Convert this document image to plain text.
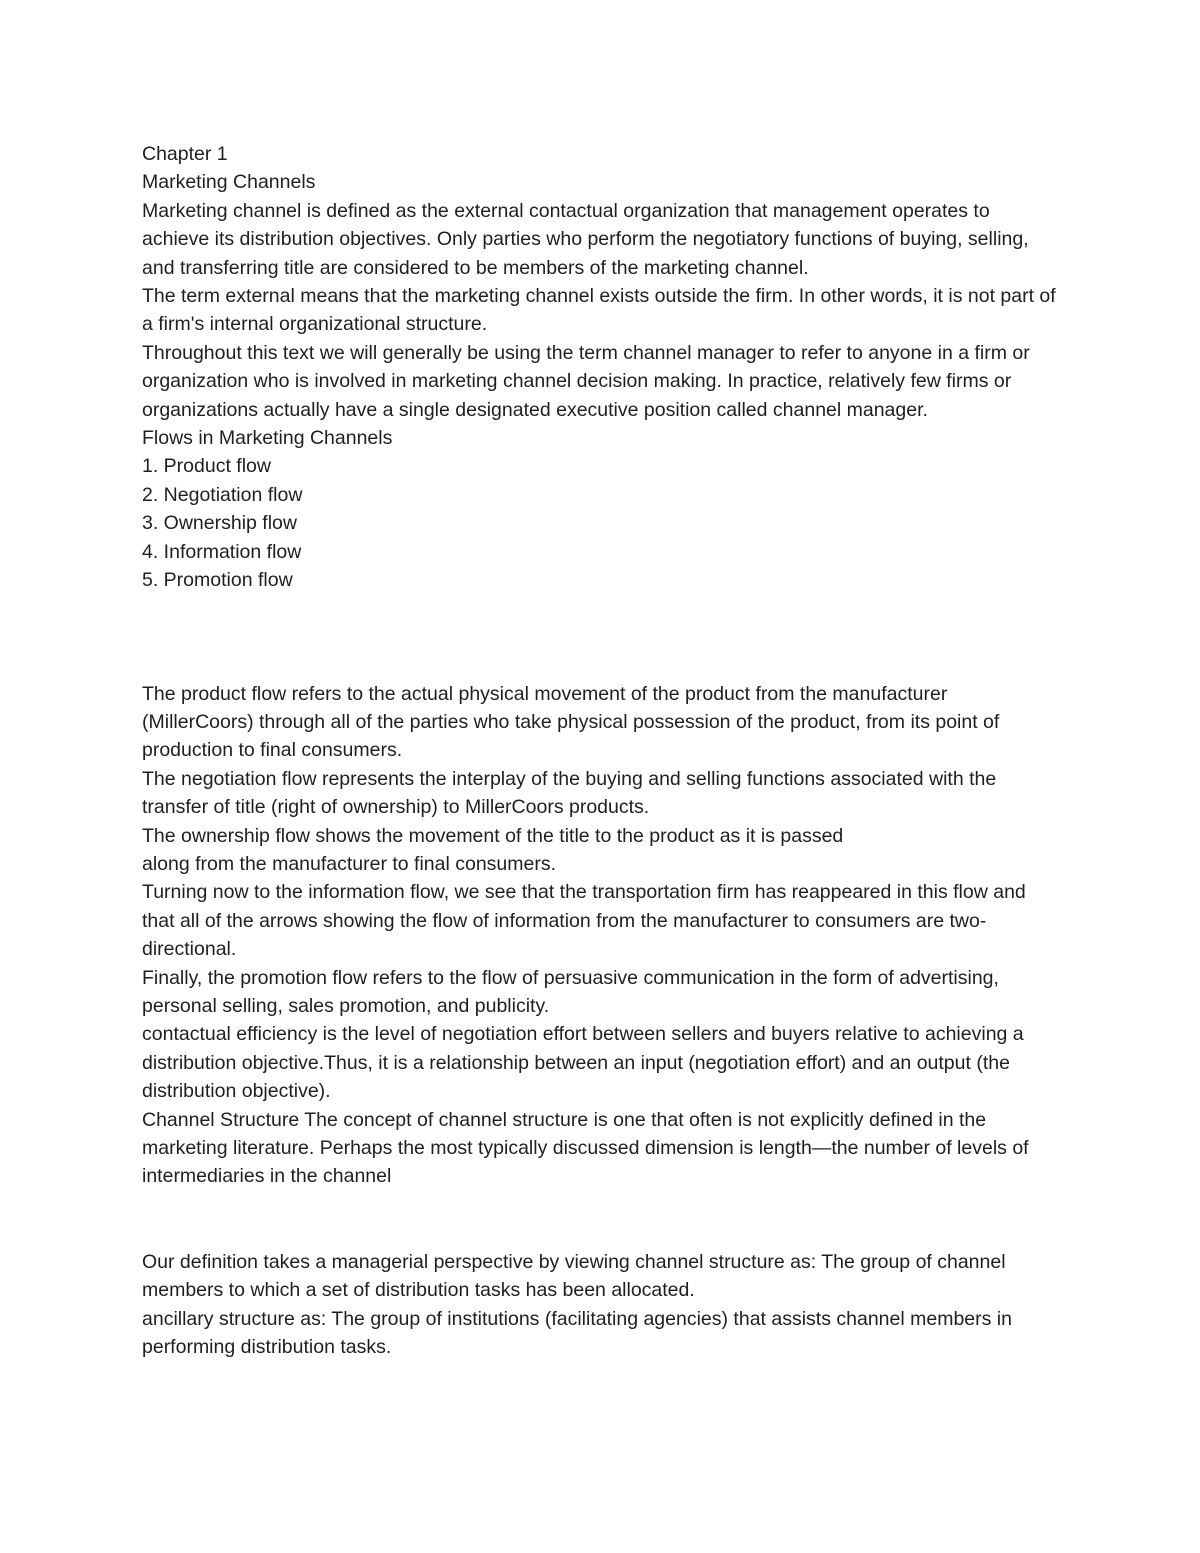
Chapter 1

Marketing Channels

Marketing channel is defined as the external contactual organization that management operates to achieve its distribution objectives. Only parties who perform the negotiatory functions of buying, selling, and transferring title are considered to be members of the marketing channel.

The term external means that the marketing channel exists outside the firm. In other words, it is not part of a firm's internal organizational structure.

Throughout this text we will generally be using the term channel manager to refer to anyone in a firm or organization who is involved in marketing channel decision making. In practice, relatively few firms or organizations actually have a single designated executive position called channel manager.

Flows in Marketing Channels

1. Product flow

2. Negotiation flow

3. Ownership flow

4. Information flow

5. Promotion flow

The product flow refers to the actual physical movement of the product from the manufacturer (MillerCoors) through all of the parties who take physical possession of the product, from its point of production to final consumers.

The negotiation flow represents the interplay of the buying and selling functions associated with the transfer of title (right of ownership) to MillerCoors products.

The ownership flow shows the movement of the title to the product as it is passed

along from the manufacturer to final consumers.

Turning now to the information flow, we see that the transportation firm has reappeared in this flow and that all of the arrows showing the flow of information from the manufacturer to consumers are two-directional.

Finally, the promotion flow refers to the flow of persuasive communication in the form of advertising, personal selling, sales promotion, and publicity.

contactual efficiency is the level of negotiation effort between sellers and buyers relative to achieving a distribution objective.Thus, it is a relationship between an input (negotiation effort) and an output (the distribution objective).

Channel Structure The concept of channel structure is one that often is not explicitly defined in the marketing literature. Perhaps the most typically discussed dimension is length—the number of levels of intermediaries in the channel

Our definition takes a managerial perspective by viewing channel structure as: The group of channel members to which a set of distribution tasks has been allocated.

ancillary structure as: The group of institutions (facilitating agencies) that assists channel members in performing distribution tasks.
